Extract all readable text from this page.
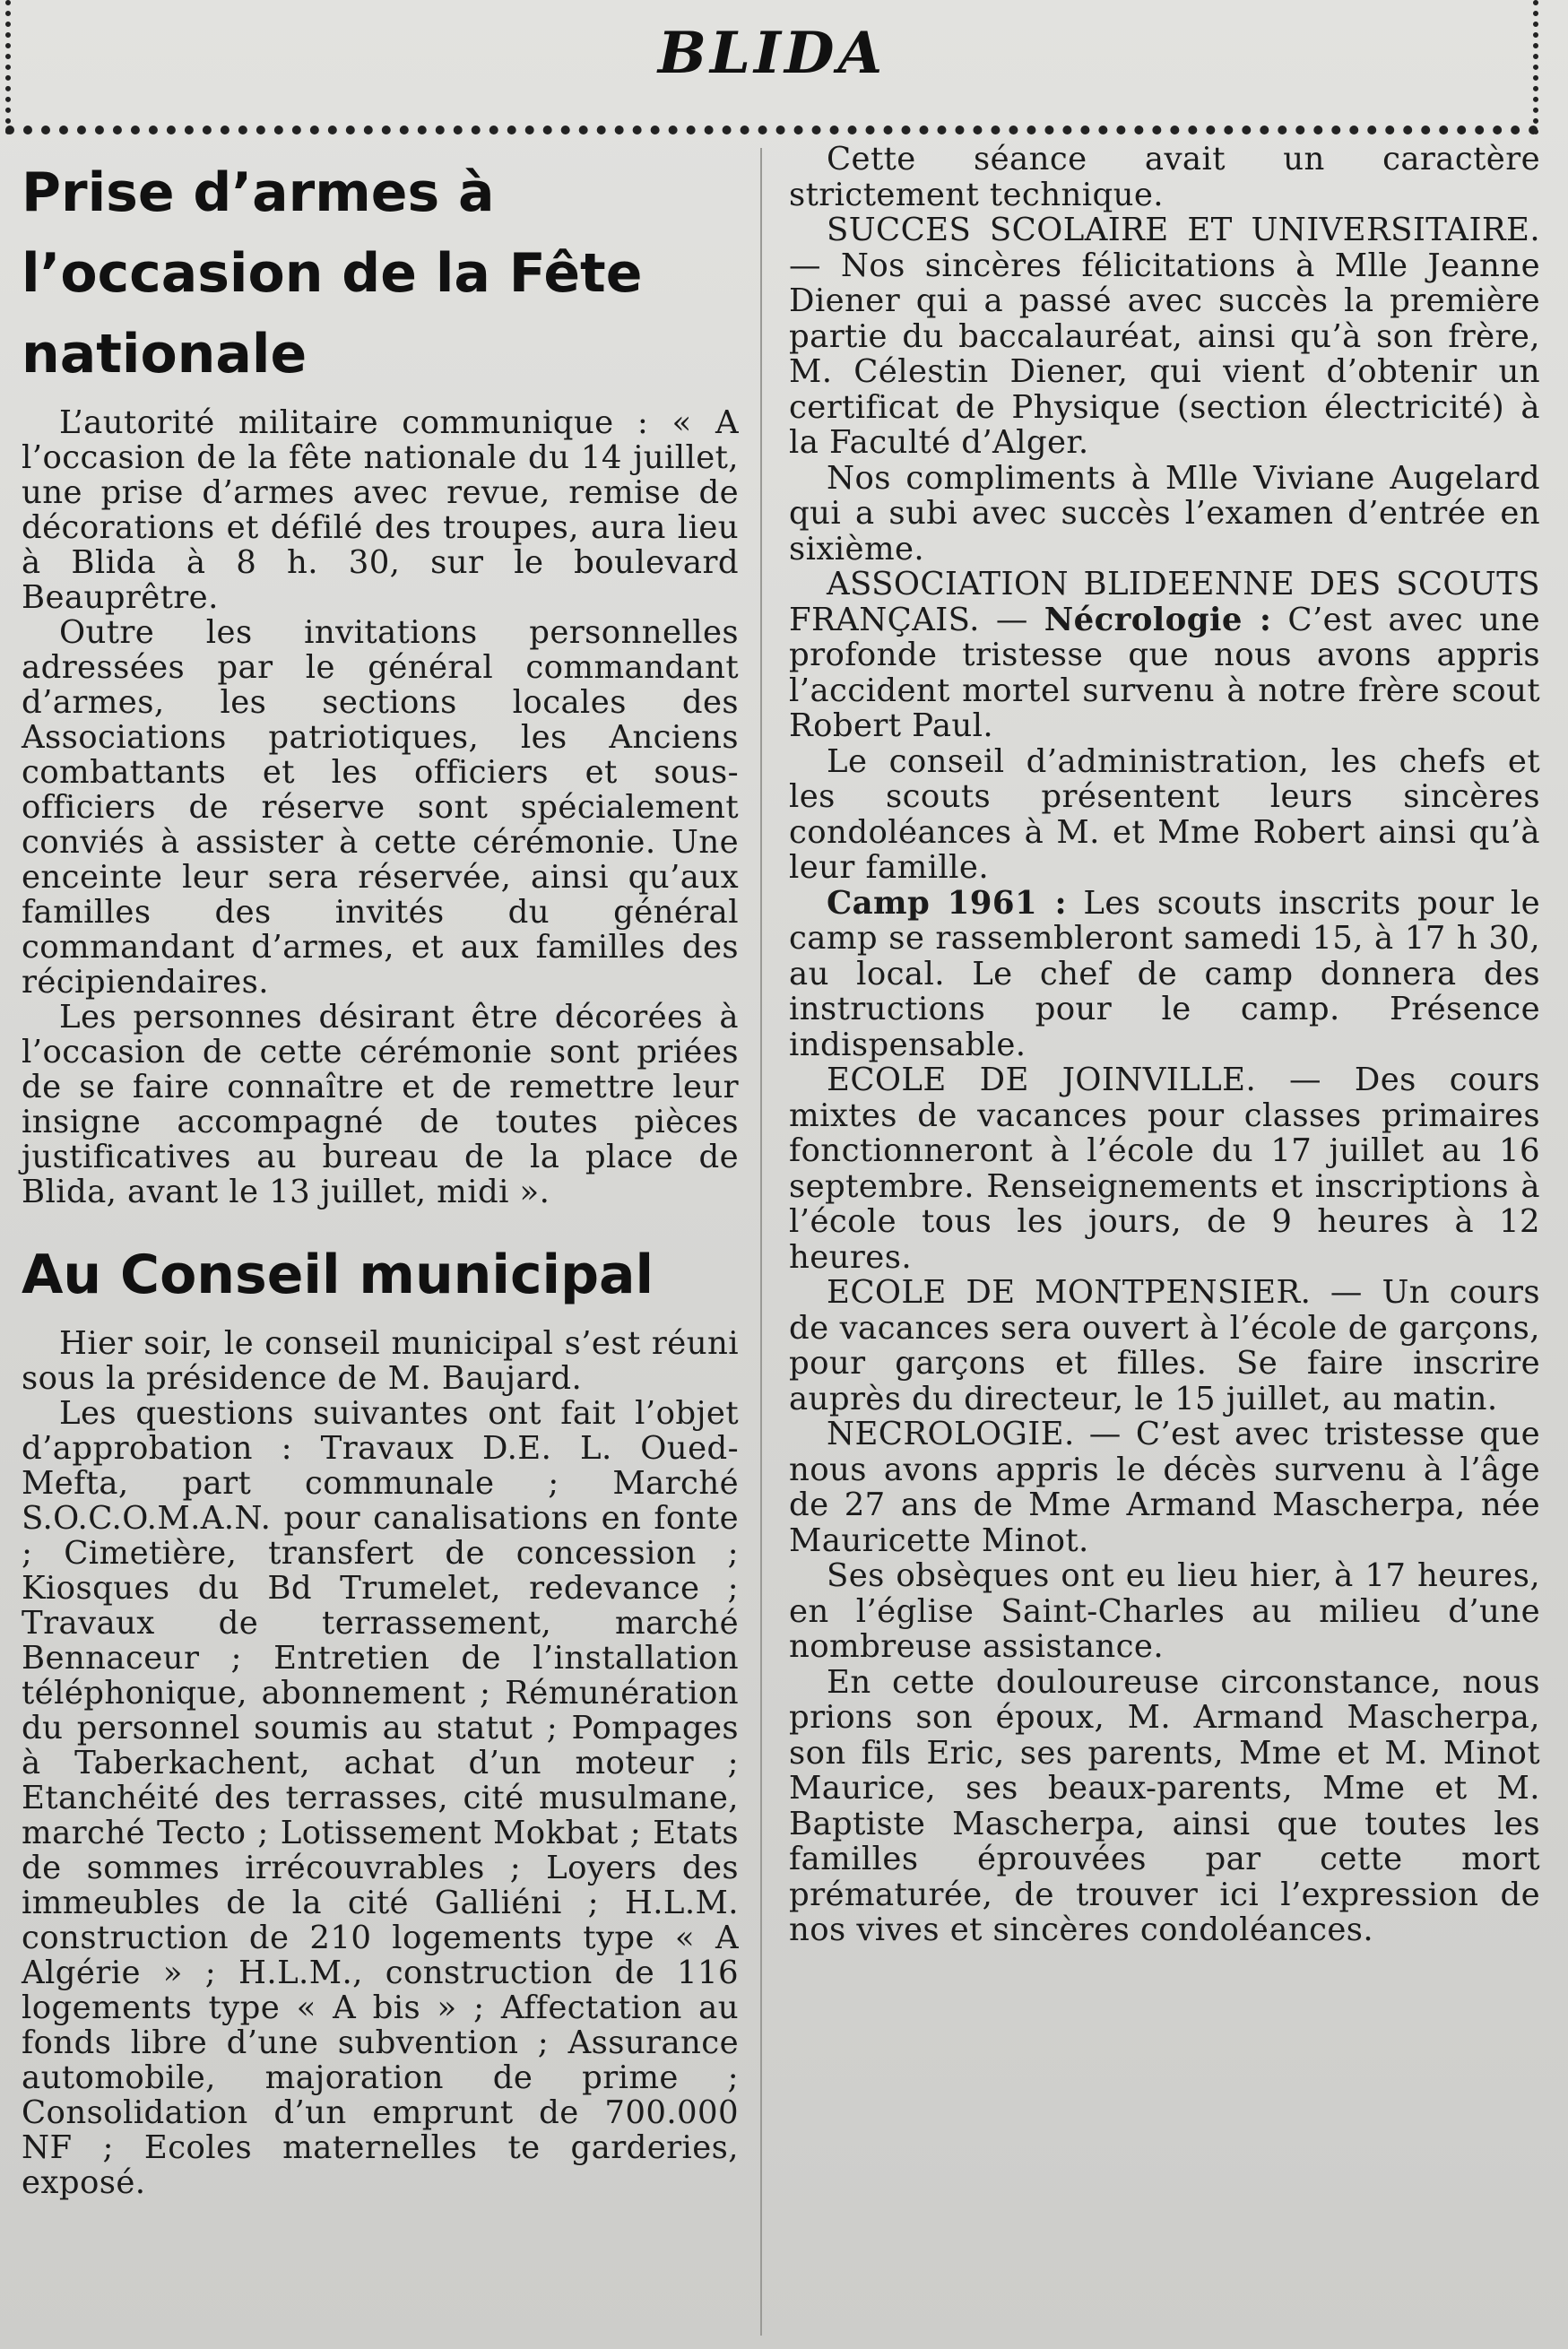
BLIDA
Prise d’armes à l’occasion de la Fête nationale

L’autorité militaire communique : « A l’occasion de la fête nationale du 14 juillet, une prise d’armes avec revue, remise de décorations et défilé des troupes, aura lieu à Blida à 8 h. 30, sur le boulevard Beauprêtre.

Outre les invitations personnelles adressées par le général commandant d’armes, les sections locales des Associations patriotiques, les Anciens combattants et les officiers et sous-officiers de réserve sont spécialement conviés à assister à cette cérémonie. Une enceinte leur sera réservée, ainsi qu’aux familles des invités du général commandant d’armes, et aux familles des récipiendaires.

Les personnes désirant être décorées à l’occasion de cette cérémonie sont priées de se faire connaître et de remettre leur insigne accompagné de toutes pièces justificatives au bureau de la place de Blida, avant le 13 juillet, midi ».

Au Conseil municipal

Hier soir, le conseil municipal s’est réuni sous la présidence de M. Baujard.

Les questions suivantes ont fait l’objet d’approbation : Travaux D.E. L. Oued-Mefta, part communale ; Marché S.O.C.O.M.A.N. pour canalisations en fonte ; Cimetière, transfert de concession ; Kiosques du Bd Trumelet, redevance ; Travaux de terrassement, marché Bennaceur ; Entretien de l’installation téléphonique, abonnement ; Rémunération du personnel soumis au statut ; Pompages à Taberkachent, achat d’un moteur ; Etanchéité des terrasses, cité musulmane, marché Tecto ; Lotissement Mokbat ; Etats de sommes irrécouvrables ; Loyers des immeubles de la cité Galliéni ; H.L.M. construction de 210 logements type « A Algérie » ; H.L.M., construction de 116 logements type « A bis » ; Affectation au fonds libre d’une subvention ; Assurance automobile, majoration de prime ; Consolidation d’un emprunt de 700.000 NF ; Ecoles maternelles te garderies, exposé.

Cette séance avait un caractère strictement technique.

SUCCES SCOLAIRE ET UNIVERSITAIRE. — Nos sincères félicitations à Mlle Jeanne Diener qui a passé avec succès la première partie du baccalauréat, ainsi qu’à son frère, M. Célestin Diener, qui vient d’obtenir un certificat de Physique (section électricité) à la Faculté d’Alger.

Nos compliments à Mlle Viviane Augelard qui a subi avec succès l’examen d’entrée en sixième.

ASSOCIATION BLIDEENNE DES SCOUTS FRANÇAIS. — Nécrologie : C’est avec une profonde tristesse que nous avons appris l’accident mortel survenu à notre frère scout Robert Paul.

Le conseil d’administration, les chefs et les scouts présentent leurs sincères condoléances à M. et Mme Robert ainsi qu’à leur famille.

Camp 1961 : Les scouts inscrits pour le camp se rassembleront samedi 15, à 17 h 30, au local. Le chef de camp donnera des instructions pour le camp. Présence indispensable.

ECOLE DE JOINVILLE. — Des cours mixtes de vacances pour classes primaires fonctionneront à l’école du 17 juillet au 16 septembre. Renseignements et inscriptions à l’école tous les jours, de 9 heures à 12 heures.

ECOLE DE MONTPENSIER. — Un cours de vacances sera ouvert à l’école de garçons, pour garçons et filles. Se faire inscrire auprès du directeur, le 15 juillet, au matin.

NECROLOGIE. — C’est avec tristesse que nous avons appris le décès survenu à l’âge de 27 ans de Mme Armand Mascherpa, née Mauricette Minot.

Ses obsèques ont eu lieu hier, à 17 heures, en l’église Saint-Charles au milieu d’une nombreuse assistance.

En cette douloureuse circonstance, nous prions son époux, M. Armand Mascherpa, son fils Eric, ses parents, Mme et M. Minot Maurice, ses beaux-parents, Mme et M. Baptiste Mascherpa, ainsi que toutes les familles éprouvées par cette mort prématurée, de trouver ici l’expression de nos vives et sincères condoléances.
